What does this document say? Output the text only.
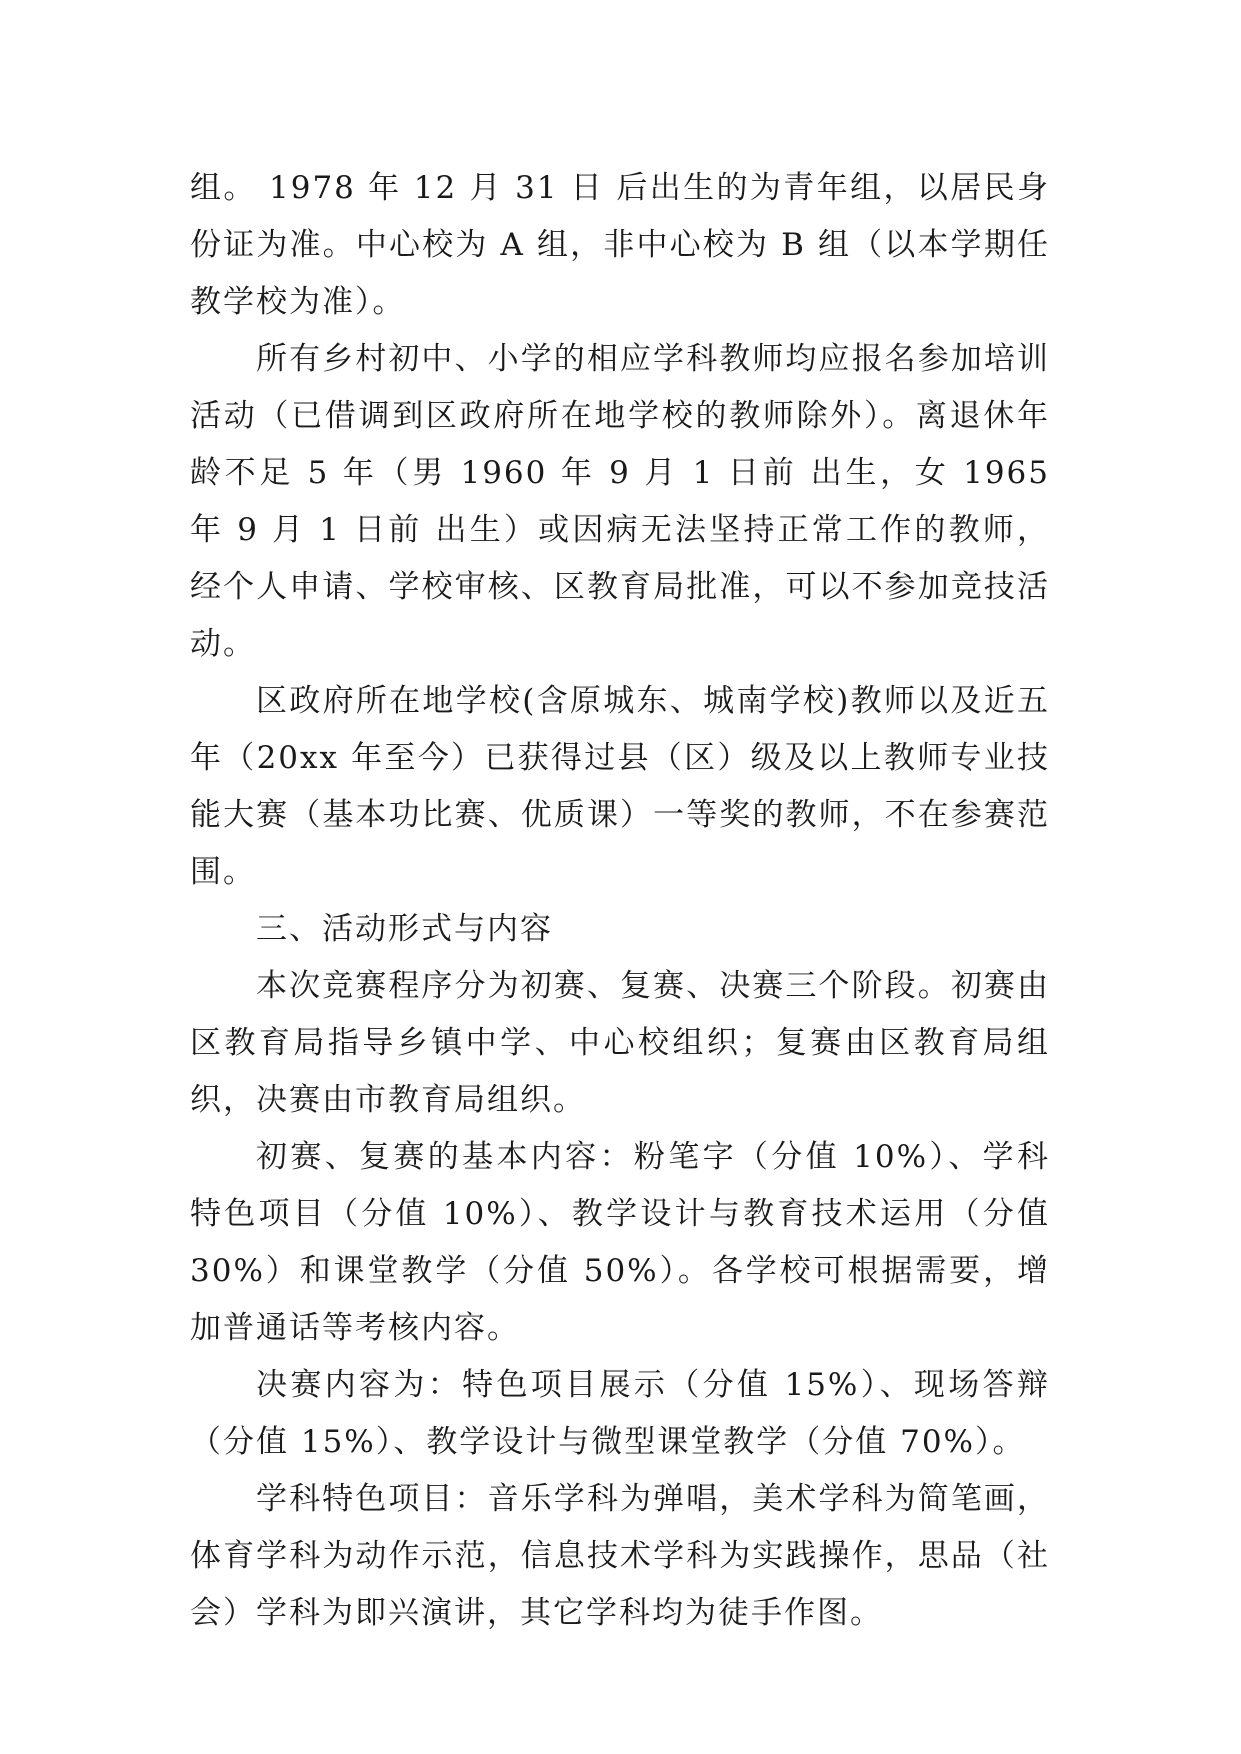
组。 1978 年 12 月 31 日 后出生的为青年组，以居民身份证为准。中心校为 A 组，非中心校为 B 组（以本学期任教学校为准）。

所有乡村初中、小学的相应学科教师均应报名参加培训活动（已借调到区政府所在地学校的教师除外）。离退休年龄不足 5 年（男 1960 年 9 月 1 日前 出生，女 1965 年 9 月 1 日前 出生）或因病无法坚持正常工作的教师，经个人申请、学校审核、区教育局批准，可以不参加竞技活动。

区政府所在地学校(含原城东、城南学校)教师以及近五年（20xx 年至今）已获得过县（区）级及以上教师专业技能大赛（基本功比赛、优质课）一等奖的教师，不在参赛范围。

三、活动形式与内容

本次竞赛程序分为初赛、复赛、决赛三个阶段。初赛由区教育局指导乡镇中学、中心校组织；复赛由区教育局组织，决赛由市教育局组织。

初赛、复赛的基本内容：粉笔字（分值 10%）、学科特色项目（分值 10%）、教学设计与教育技术运用（分值 30%）和课堂教学（分值 50%）。各学校可根据需要，增加普通话等考核内容。

决赛内容为：特色项目展示（分值 15%）、现场答辩（分值 15%）、教学设计与微型课堂教学（分值 70%）。

学科特色项目：音乐学科为弹唱，美术学科为简笔画，体育学科为动作示范，信息技术学科为实践操作，思品（社会）学科为即兴演讲，其它学科均为徒手作图。
